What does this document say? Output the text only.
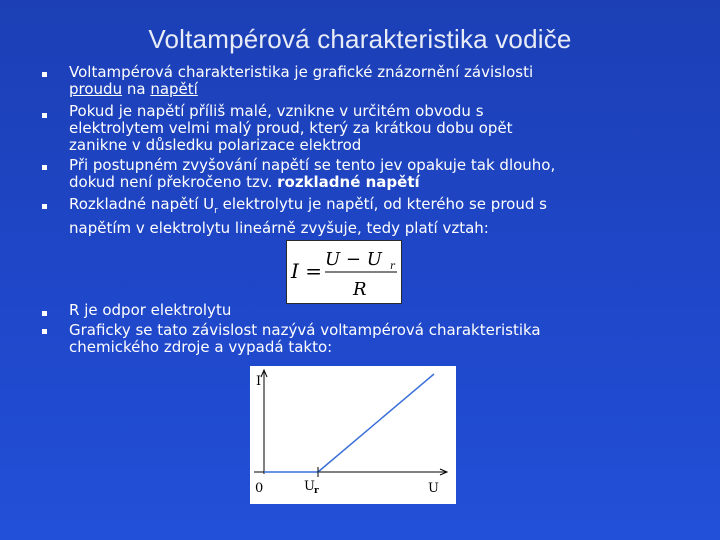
Voltampérová charakteristika vodiče
Voltampérová charakteristika je grafické znázornění závislosti
proudu na napětí
Pokud je napětí příliš malé, vznikne v určitém obvodu s
elektrolytem velmi malý proud, který za krátkou dobu opět
zanikne v důsledku polarizace elektrod
Při postupném zvyšování napětí se tento jev opakuje tak dlouho,
dokud není překročeno tzv. rozkladné napětí
Rozkladné napětí $U_r$ elektrolytu je napětí, od kterého se proud s
napětím v elektrolytu lineárně zvyšuje, tedy platí vztah:
R je odpor elektrolytu
Graficky se tato závislost nazývá voltampérová charakteristika
chemického zdroje a vypadá takto:
I = U − U r
R
I
0	U r	U
